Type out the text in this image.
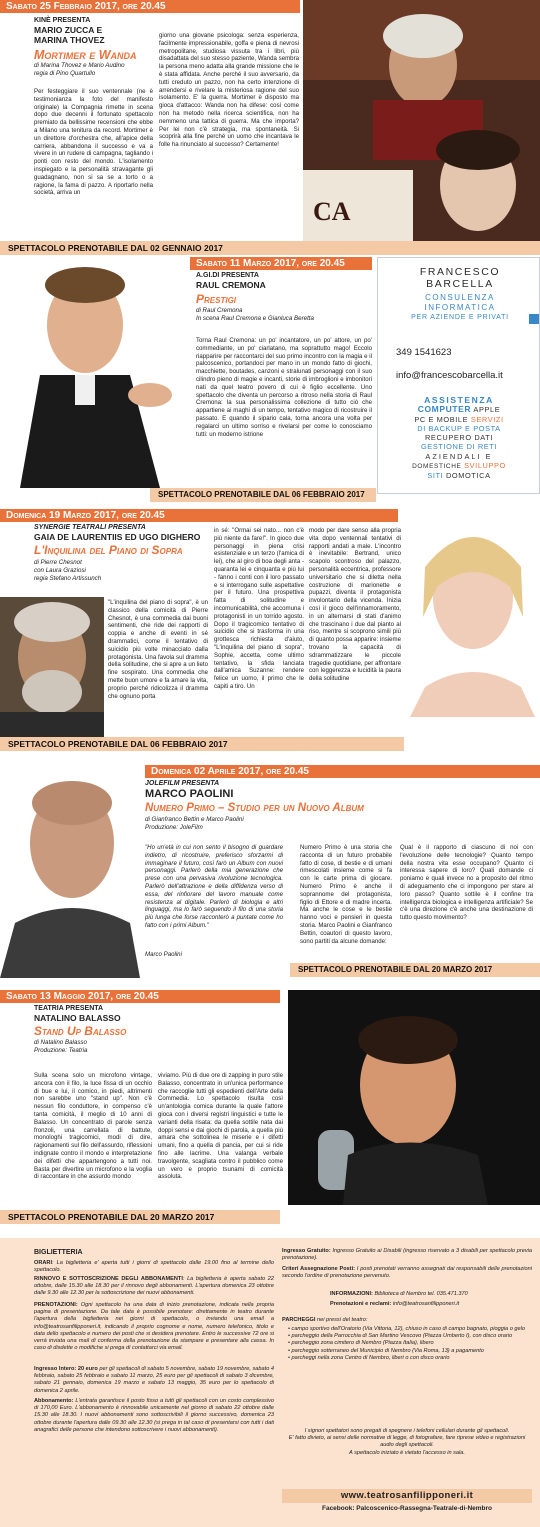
Sabato 25 Febbraio 2017, ore 20.45
KINÈ PRESENTA
MARIO ZUCCA E
MARINA THOVEZ
Mortimer e Wanda
di Marina Thovez e Mario Audino
regia di Pino Quartullo
Per festeggiare il suo ventennale (ne è testimonianza la foto del manifesto originale) la Compagnia rimette in scena dopo due decenni il fortunato spettacolo premiato da bellissime recensioni che ebbe a Milano una tenitura da record. Mortimer è un direttore d'orchestra che, all'apice della carriera, abbandona il successo e va a vivere in un rudere di campagna, tagliando i ponti con resto del mondo. L'isolamento inspiegato e la personalità stravagante gli guadagnano, non si sa se a torto o a ragione, la fama di pazzo. A riportarlo nella società, arriva un
giorno una giovane psicologa: senza esperienza, facilmente impressionabile, goffa e piena di nevrosi metropolitane, studiosa vissuta tra i libri, più disadattata del suo stesso paziente, Wanda sembra la persona meno adatta alla grande missione che le è stata affidata. Anche perché il suo avversario, da tutti creduto un pazzo, non ha certo intenzione di arrendersi e rivelare la misteriosa ragione del suo isolamento. E' la guerra. Mortimer è disposto ma gioca d'attacco: Wanda non ha difese: così come non ha metodo nella ricerca scientifica, non ha nemmeno una tattica di guerra. Ma che importa? Per lei non c'è strategia, ma spontaneità. Si scoprirà alla fine perché un uomo che incantava le folle ha rinunciato al successo? Certamente!
CA
SPETTACOLO PRENOTABILE DAL 02 GENNAIO 2017
Sabato 11 Marzo 2017, ore 20.45
A.GI.DI PRESENTA
RAUL CREMONA
Prestigi
di Raul Cremona
In scena Raul Cremona e Gianluca Beretta
Torna Raul Cremona: un po' incantatore, un po' attore, un po' commediante, un po' ciarlatano, ma soprattutto mago! Eccolo riapparire per raccontarci del suo primo incontro con la magia e il palcoscenico, portandoci per mano in un mondo fatto di giochi, macchiette, boutades, canzoni e stralunati personaggi con il suo cilindro pieno di magie e incanti, storie di imbroglioni e imbonitori nati da quel teatro povero di cui è figlio eccellente. Uno spettacolo che diventa un percorso a ritroso nella storia di Raul Cremona: la sua personalissima collezione di tutto ciò che appartiene ai maghi di un tempo, tentativo magico di ricostruire il passato. E quando il sipario cala, torna ancora una volta per regalarci un ultimo sorriso e rivelarsi per come lo conosciamo tutti: un moderno istrione
SPETTACOLO PRENOTABILE DAL 06 FEBBRAIO 2017
FRANCESCO
BARCELLA
CONSULENZA
INFORMATICA
PER AZIENDE E PRIVATI
349 1541623
info@francescobarcella.it
ASSISTENZA
COMPUTER APPLE
PC E MOBILE SERVIZI
DI BACKUP E POSTA
RECUPERO DATI
GESTIONE DI RETI
AZIENDALI E
DOMESTICHE SVILUPPO
SITI DOMOTICA
Domenica 19 Marzo 2017, ore 20.45
SYNERGIE TEATRALI PRESENTA
GAIA DE LAURENTIIS ED UGO DIGHERO
L'Inquilina del Piano di Sopra
di Pierre Chesnot
con Laura Graziosi
regia Stefano Artissunch
"L'inquilina del piano di sopra", è un classico della comicità di Pierre Chesnot, è una commedia dai buoni sentimenti, che ride dei rapporti di coppia e anche di eventi in sé drammatici, come il tentativo di suicidio più volte minacciato dalla protagonista. Una favola sul dramma della solitudine, che si apre a un lieto fine sospirato. Una commedia che mette buon umore e fa amare la vita, proprio perché ridicolizza il dramma che ognuno porta
in sé: "Ormai sei nato... non c'è più niente da fare!". In gioco due personaggi in piena crisi esistenziale e un terzo (l'amica di lei), che al giro di boa degli anta - quaranta lei e cinquanta e più lui - fanno i conti con il loro passato e si interrogano sulle aspettative per il futuro. Una prospettiva fatta di solitudine e incomunicabilità, che accomuna i protagonisti in un torrido agosto. Dopo il tragicomico tentativo di suicidio che si trasforma in una grottesca richiesta d'aiuto, "L'inquilina del piano di sopra", Sophie, accetta, come ultimo tentativo, la sfida lanciata dall'amica Suzanne: rendere felice un uomo, il primo che le capiti a tiro. Un
modo per dare senso alla propria vita dopo ventennali tentativi di rapporti andati a male. L'incontro è inevitabile: Bertrand, unico scapolo scontroso del palazzo, personalità eccentrica, professore universitario che si diletta nella costruzione di marionette e pupazzi, diventa il protagonista involontario della vicenda. Inizia così il gioco dell'innamoramento, in un alternarsi di stati d'animo che trascinano i due dal pianto al riso, mentre si scoprono simili più di quanto possa apparire: insieme trovano la capacità di sdrammatizzare le piccole tragedie quotidiane, per affrontare con leggerezza e lucidità la paura della solitudine
SPETTACOLO PRENOTABILE DAL 06 FEBBRAIO 2017
Domenica 02 Aprile 2017, ore 20.45
JOLEFILM PRESENTA
MARCO PAOLINI
Numero Primo – Studio per un Nuovo Album
di Gianfranco Bettin e Marco Paolini
Produzione: JoleFilm
"Ho un'età in cui non sento il bisogno di guardare indietro, di ricostruire, preferisco sforzarmi di immaginare il futuro, così farò un Album con nuovi personaggi. Parlerò della mia generazione che prese con una pervasiva rivoluzione tecnologica. Parlerò dell'attrazione e della diffidenza verso di essa, del rinfiorare del lavoro manuale come resistenza al digitale. Parlerò di biologia e altri linguaggi, ma lo farò seguendo il filo di una storia più lunga che forse racconterò a puntate come ho fatto con i primi Album."
Marco Paolini
Numero Primo è una storia che racconta di un futuro probabile fatto di cose, di bestie e di umani rimescolati insieme come si fa con le carte prima di giocare. Numero Primo è anche il soprannome del protagonista, figlio di Ettore e di madre incerta. Ma anche le cose e le bestie hanno voci e pensieri in questa storia. Marco Paolini e Gianfranco Bettin, coautori di questo lavoro, sono partiti da alcune domande:
Qual è il rapporto di ciascuno di noi con l'evoluzione delle tecnologie? Quanto tempo della nostra vita esse occupano? Quanto ci interessa sapere di loro? Quali domande ci poniamo e quali invece no a proposito del ritmo di adeguamento che ci impongono per stare al loro passo? Quanto sottile è il confine tra intelligenza biologica e intelligenza artificiale? Se c'è una direzione c'è anche una destinazione di tutto questo movimento?
SPETTACOLO PRENOTABILE DAL 20 MARZO 2017
Sabato 13 Maggio 2017, ore 20.45
TEATRIA PRESENTA
NATALINO BALASSO
Stand Up Balasso
di Natalino Balasso
Produzione: Teatria
Sulla scena solo un microfono vintage, ancora con il filo, la luce fissa di un occhio di bue e lui, il comico, in piedi, altrimenti non sarebbe uno "stand up". Non c'è nessun filo conduttore, in compenso c'è tanta comicità, il meglio di 10 anni di Balasso. Un concentrato di parole senza fronzoli, una carrellata di battute, monologhi tragicomici, modi di dire, ragionamenti sul filo dell'assurdo, riflessioni indignate contro il mondo e interpretazione dei difetti che appartengono a tutti noi. Basta per divertire un microfono e la voglia di raccontare in che assurdo mondo
viviamo. Più di due ore di zapping in puro stile Balasso, concentrato in un'unica performance che raccoglie tutti gli espedienti dell'Arte della Commedia. Lo spettacolo risulta così un'antologia comica durante la quale l'attore gioca con i diversi registri linguistici e tutte le varianti della risata: da quella sottile nata dai doppi sensi e dai giochi di parola, a quella più amara che sottolinea le miserie e i difetti umani, fino a quella di pancia, per cui si ride fino alle lacrime. Una valanga verbale travolgente, scagliata contro il pubblico come un vero e proprio tsunami di comicità assoluta.
SPETTACOLO PRENOTABILE DAL 20 MARZO 2017
BIGLIETTERIA
ORARI: La biglietteria e' aperta tutti i giorni di spettacolo dalle 19.00 fino al termine dello spettacolo.
RINNOVO E SOTTOSCRIZIONE DEGLI ABBONAMENTI: La biglietteria è aperta sabato 22 ottobre, dalle 15.30 alle 18.30 per il rinnovo degli abbonamenti. L'apertura domenica 23 ottobre dalle 9.30 alle 12.30 per la sottoscrizione dei nuovi abbonamenti.
PRENOTAZIONI: Ogni spettacolo ha una data di inizio prenotazione, indicata nella propria pagina di presentazione. Da tale data è possibile prenotare: direttamente in teatro durante l'apertura della biglietteria nei giorni di spettacolo, o inviando una email a info@teatrosanfilipponeri.it, indicando il proprio cognome e nome, numero telefonico, titolo e data dello spettacolo e numero dei posti che si desidera prenotare. Entro le successive 72 ore si verrà inviata una mail di conferma della prenotazione da stampare e presentare alla cassa. In caso di disdette o modifiche si prega di contattarci via email.
Ingresso Intero: 20 euro per gli spettacoli di sabato 5 novembre, sabato 19 novembre, sabato 4 febbraio, sabato 25 febbraio e sabato 11 marzo, 25 euro per gli spettacoli di sabato 3 dicembre, sabato 21 gennaio, domenica 19 marzo e sabato 13 maggio, 35 euro per lo spettacolo di domenica 2 aprile.
Abbonamento: L'entrata garantisce il posto fisso a tutti gli spettacoli con un costo complessivo di 170,00 Euro. L'abbonamento è rinnovabile unicamente nel giorno di sabato 22 ottobre dalle 15.30 alle 18.30. I nuovi abbonamenti sono sottoscrivibili il giorno successivo, domenica 23 ottobre durante l'apertura dalle 09.30 alle 12.30 (si prega in tal caso di presentarsi con tutti i dati anagrafici delle persone che intendono sottoscrivere i nuovi abbonamenti).
Ingresso Gratuito: Ingresso Gratuito ai Disabili (ingresso riservato a 3 disabili per spettacolo previa prenotazione).
Criteri Assegnazione Posti: I posti prenotati verranno assegnati dai responsabili delle prenotazioni secondo l'ordine di prenotazione pervenuto.
INFORMAZIONI: Biblioteca di Nembro tel. 035.471.370
Prenotazioni e reclami: info@teatrosanfilipponeri.it
PARCHEGGI nei pressi del teatro:
• campo sportivo dell'Oratorio (Via Vittoria, 12), chiuso in caso di campo bagnato, pioggia o gelo
• parcheggio della Parrocchia di San Martino Vescovo (Piazza Umberto I), con disco orario
• parcheggio zona cimitero di Nembro (Piazza Italia), libero
• parcheggio sotterraneo del Municipio di Nembro (Via Roma, 13) a pagamento
• parcheggi nella zona Centro di Nembro, liberi o con disco orario
I signori spettatori sono pregati di spegnere i telefoni cellulari durante gli spettacoli.
E' fatto divieto, ai sensi delle normative di legge, di fotografare, fare riprese video e registrazioni audio degli spettacoli.
A spettacolo iniziato è vietato l'accesso in sala.
www.teatrosanfilipponeri.it
Facebook: Palcoscenico-Rassegna-Teatrale-di-Nembro
